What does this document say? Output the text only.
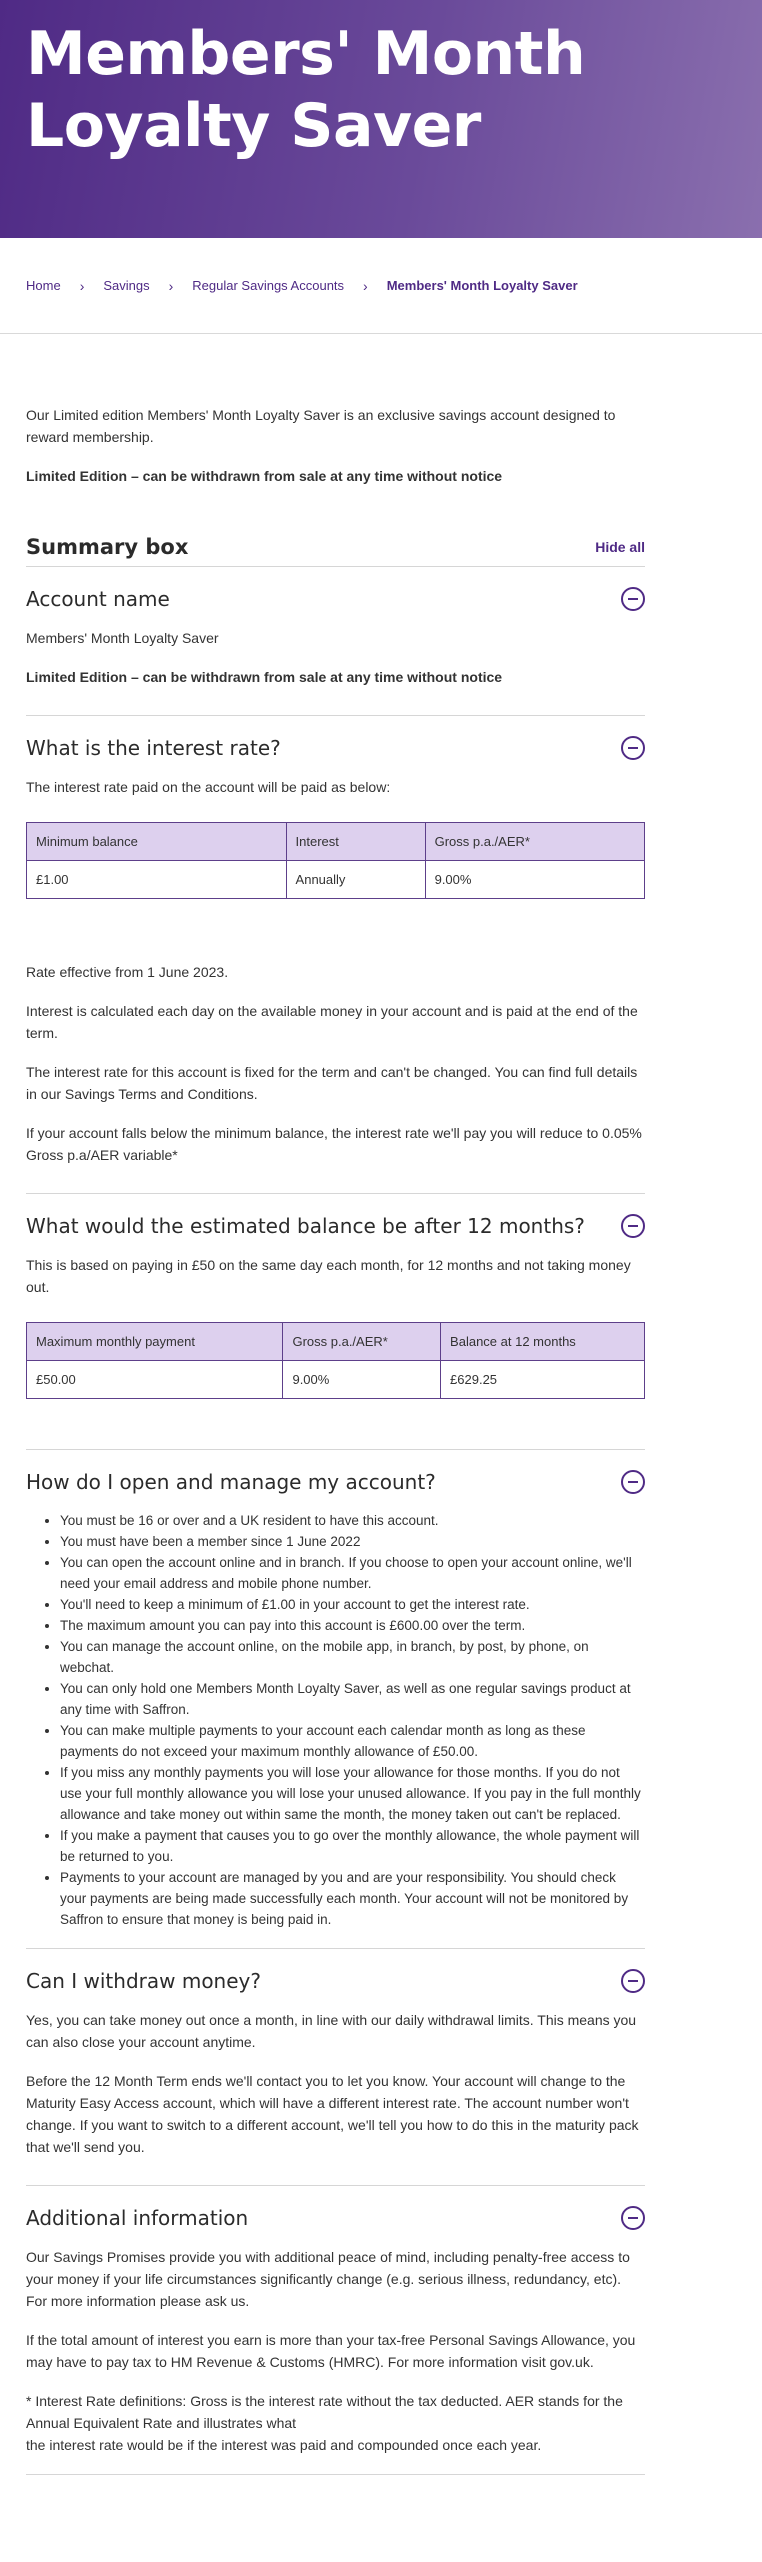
Members' Month Loyalty Saver
Home › Savings › Regular Savings Accounts › Members' Month Loyalty Saver

Our Limited edition Members' Month Loyalty Saver is an exclusive savings account designed to reward membership.

Limited Edition – can be withdrawn from sale at any time without notice

Summary box	Hide all
Account name

Members' Month Loyalty Saver

Limited Edition – can be withdrawn from sale at any time without notice

What is the interest rate?

The interest rate paid on the account will be paid as below:

Minimum balance	Interest	Gross p.a./AER*
£1.00	Annually	9.00%

Rate effective from 1 June 2023.

Interest is calculated each day on the available money in your account and is paid at the end of the term.

The interest rate for this account is fixed for the term and can't be changed. You can find full details in our Savings Terms and Conditions.

If your account falls below the minimum balance, the interest rate we'll pay you will reduce to 0.05% Gross p.a/AER variable*

What would the estimated balance be after 12 months?

This is based on paying in £50 on the same day each month, for 12 months and not taking money out.

Maximum monthly payment	Gross p.a./AER*	Balance at 12 months
£50.00	9.00%	£629.25
How do I open and manage my account?
• You must be 16 or over and a UK resident to have this account.
• You must have been a member since 1 June 2022
• You can open the account online and in branch. If you choose to open your account online, we'll need your email address and mobile phone number.
• You'll need to keep a minimum of £1.00 in your account to get the interest rate.
• The maximum amount you can pay into this account is £600.00 over the term.
• You can manage the account online, on the mobile app, in branch, by post, by phone, on webchat.
• You can only hold one Members Month Loyalty Saver, as well as one regular savings product at any time with Saffron.
• You can make multiple payments to your account each calendar month as long as these payments do not exceed your maximum monthly allowance of £50.00.
• If you miss any monthly payments you will lose your allowance for those months. If you do not use your full monthly allowance you will lose your unused allowance. If you pay in the full monthly allowance and take money out within same the month, the money taken out can't be replaced.
• If you make a payment that causes you to go over the monthly allowance, the whole payment will be returned to you.
• Payments to your account are managed by you and are your responsibility. You should check your payments are being made successfully each month. Your account will not be monitored by Saffron to ensure that money is being paid in.
Can I withdraw money?

Yes, you can take money out once a month, in line with our daily withdrawal limits. This means you can also close your account anytime.

Before the 12 Month Term ends we'll contact you to let you know. Your account will change to the Maturity Easy Access account, which will have a different interest rate. The account number won't change. If you want to switch to a different account, we'll tell you how to do this in the maturity pack that we'll send you.

Additional information

Our Savings Promises provide you with additional peace of mind, including penalty-free access to your money if your life circumstances significantly change (e.g. serious illness, redundancy, etc). For more information please ask us.

If the total amount of interest you earn is more than your tax-free Personal Savings Allowance, you may have to pay tax to HM Revenue & Customs (HMRC). For more information visit gov.uk.

* Interest Rate definitions: Gross is the interest rate without the tax deducted. AER stands for the Annual Equivalent Rate and illustrates what
the interest rate would be if the interest was paid and compounded once each year.
